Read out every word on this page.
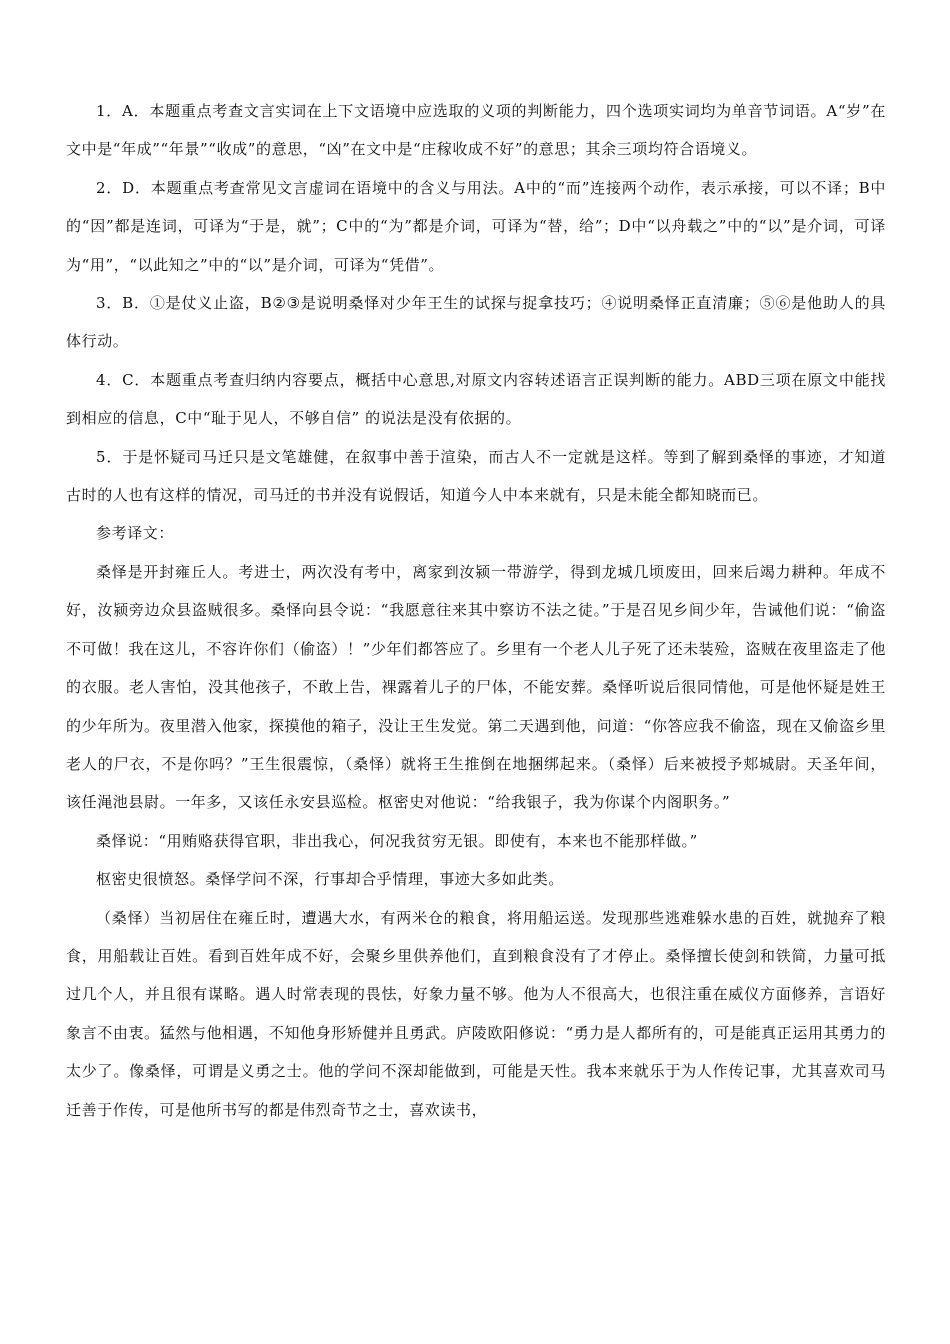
1．A．本题重点考查文言实词在上下文语境中应选取的义项的判断能力，四个选项实词均为单音节词语。A“岁”在文中是“年成”“年景”“收成”的意思，“凶”在文中是“庄稼收成不好”的意思；其余三项均符合语境义。

2．D．本题重点考查常见文言虚词在语境中的含义与用法。A中的“而”连接两个动作，表示承接，可以不译；B中的“因”都是连词，可译为“于是，就”；C中的“为”都是介词，可译为“替，给”；D中“以舟载之”中的“以”是介词，可译为“用”，“以此知之”中的“以”是介词，可译为“凭借”。

3．B．①是仗义止盗，B②③是说明桑怿对少年王生的试探与捉拿技巧；④说明桑怿正直清廉；⑤⑥是他助人的具体行动。

4．C．本题重点考查归纳内容要点，概括中心意思,对原文内容转述语言正误判断的能力。ABD三项在原文中能找到相应的信息，C中“耻于见人，不够自信” 的说法是没有依据的。

5．于是怀疑司马迁只是文笔雄健，在叙事中善于渲染，而古人不一定就是这样。等到了解到桑怿的事迹，才知道古时的人也有这样的情况，司马迁的书并没有说假话，知道今人中本来就有，只是未能全都知晓而已。

参考译文：

桑怿是开封雍丘人。考进士，两次没有考中，离家到汝颍一带游学，得到龙城几顷废田，回来后竭力耕种。年成不好，汝颍旁边众县盗贼很多。桑怿向县令说：“我愿意往来其中察访不法之徒。”于是召见乡间少年，告诫他们说：“偷盗不可做！我在这儿，不容许你们（偷盗）！”少年们都答应了。乡里有一个老人儿子死了还未装殓，盗贼在夜里盗走了他的衣服。老人害怕，没其他孩子，不敢上告，裸露着儿子的尸体，不能安葬。桑怿听说后很同情他，可是他怀疑是姓王的少年所为。夜里潜入他家，探摸他的箱子，没让王生发觉。第二天遇到他，问道：“你答应我不偷盗，现在又偷盗乡里老人的尸衣，不是你吗？”王生很震惊，（桑怿）就将王生推倒在地捆绑起来。（桑怿）后来被授予郏城尉。天圣年间，该任渑池县尉。一年多，又该任永安县巡检。枢密史对他说：“给我银子，我为你谋个内阁职务。”

桑怿说：“用贿赂获得官职，非出我心，何况我贫穷无银。即使有，本来也不能那样做。”

枢密史很愤怒。桑怿学问不深，行事却合乎情理，事迹大多如此类。

（桑怿）当初居住在雍丘时，遭遇大水，有两米仓的粮食，将用船运送。发现那些逃难躲水患的百姓，就抛弃了粮食，用船载让百姓。看到百姓年成不好，会聚乡里供养他们，直到粮食没有了才停止。桑怿擅长使剑和铁简，力量可抵过几个人，并且很有谋略。遇人时常表现的畏怯，好象力量不够。他为人不很高大，也很注重在威仪方面修养，言语好象言不由衷。猛然与他相遇，不知他身形矫健并且勇武。庐陵欧阳修说：“勇力是人都所有的，可是能真正运用其勇力的太少了。像桑怿，可谓是义勇之士。他的学问不深却能做到，可能是天性。我本来就乐于为人作传记事，尤其喜欢司马迁善于作传，可是他所书写的都是伟烈奇节之士，喜欢读书，
